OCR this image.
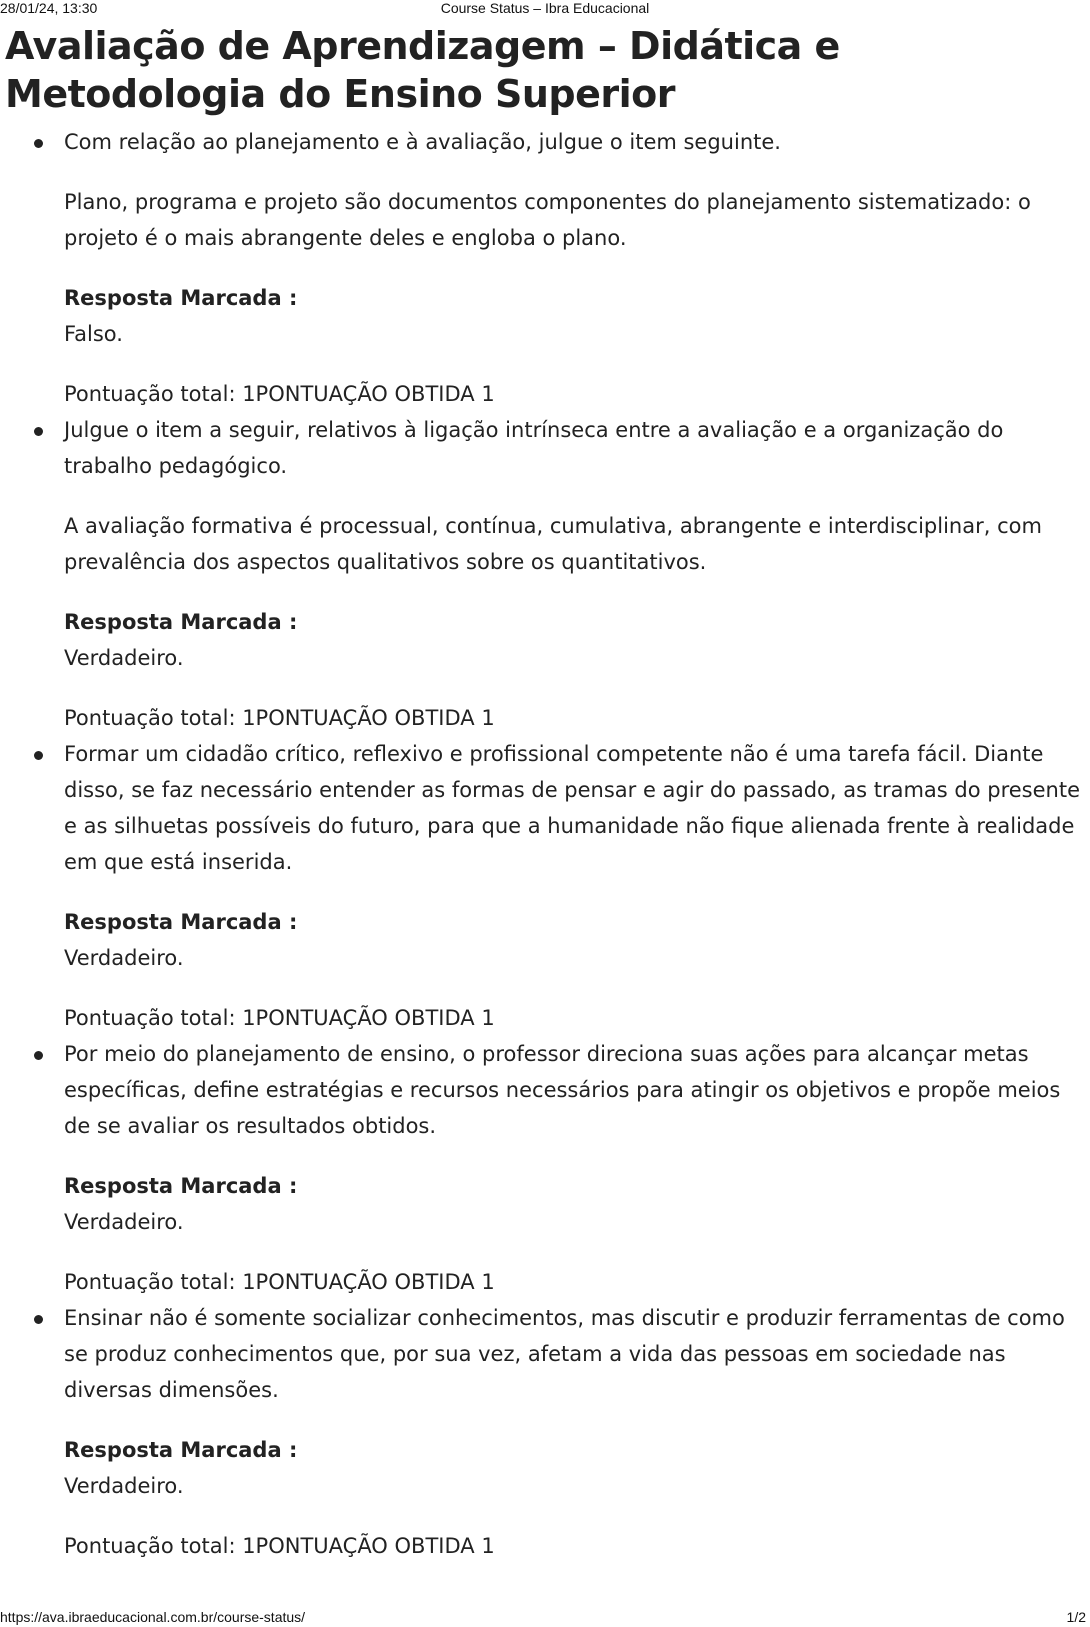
28/01/24, 13:30	Course Status – Ibra Educacional
Avaliação de Aprendizagem – Didática e Metodologia do Ensino Superior

Com relação ao planejamento e à avaliação, julgue o item seguinte.

Plano, programa e projeto são documentos componentes do planejamento sistematizado: o projeto é o mais abrangente deles e engloba o plano.

Resposta Marcada :

Falso.

Pontuação total: 1PONTUAÇÃO OBTIDA 1

Julgue o item a seguir, relativos à ligação intrínseca entre a avaliação e a organização do trabalho pedagógico.

A avaliação formativa é processual, contínua, cumulativa, abrangente e interdisciplinar, com prevalência dos aspectos qualitativos sobre os quantitativos.

Resposta Marcada :

Verdadeiro.

Pontuação total: 1PONTUAÇÃO OBTIDA 1

Formar um cidadão crítico, reflexivo e profissional competente não é uma tarefa fácil. Diante disso, se faz necessário entender as formas de pensar e agir do passado, as tramas do presente e as silhuetas possíveis do futuro, para que a humanidade não fique alienada frente à realidade em que está inserida.

Resposta Marcada :

Verdadeiro.

Pontuação total: 1PONTUAÇÃO OBTIDA 1

Por meio do planejamento de ensino, o professor direciona suas ações para alcançar metas específicas, define estratégias e recursos necessários para atingir os objetivos e propõe meios de se avaliar os resultados obtidos.

Resposta Marcada :

Verdadeiro.

Pontuação total: 1PONTUAÇÃO OBTIDA 1

Ensinar não é somente socializar conhecimentos, mas discutir e produzir ferramentas de como se produz conhecimentos que, por sua vez, afetam a vida das pessoas em sociedade nas diversas dimensões.

Resposta Marcada :

Verdadeiro.

Pontuação total: 1PONTUAÇÃO OBTIDA 1

https://ava.ibraeducacional.com.br/course-status/	1/2
